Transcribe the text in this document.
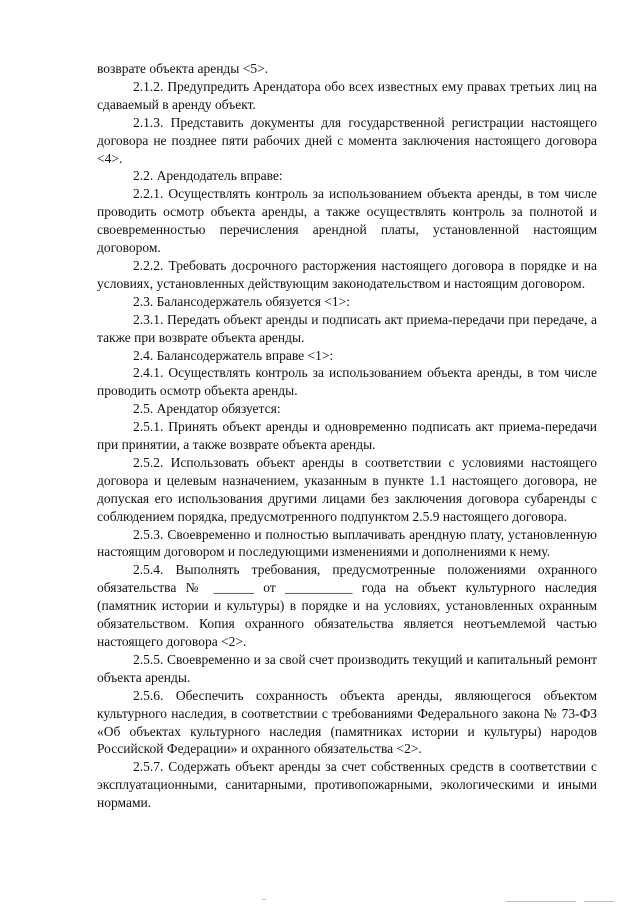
возврате объекта аренды <5>.

2.1.2. Предупредить Арендатора обо всех известных ему правах третьих лиц на сдаваемый в аренду объект.

2.1.3. Представить документы для государственной регистрации настоящего договора не позднее пяти рабочих дней с момента заключения настоящего договора <4>.

2.2. Арендодатель вправе:

2.2.1. Осуществлять контроль за использованием объекта аренды, в том числе проводить осмотр объекта аренды, а также осуществлять контроль за полнотой и своевременностью перечисления арендной платы, установленной настоящим договором.

2.2.2. Требовать досрочного расторжения настоящего договора в порядке и на условиях, установленных действующим законодательством и настоящим договором.

2.3. Балансодержатель обязуется <1>:

2.3.1. Передать объект аренды и подписать акт приема-передачи при передаче, а также при возврате объекта аренды.

2.4. Балансодержатель вправе <1>:

2.4.1. Осуществлять контроль за использованием объекта аренды, в том числе проводить осмотр объекта аренды.

2.5. Арендатор обязуется:

2.5.1. Принять объект аренды и одновременно подписать акт приема-передачи при принятии, а также возврате объекта аренды.

2.5.2. Использовать объект аренды в соответствии с условиями настоящего договора и целевым назначением, указанным в пункте 1.1 настоящего договора, не допуская его использования другими лицами без заключения договора субаренды с соблюдением порядка, предусмотренного подпунктом 2.5.9 настоящего договора.

2.5.3. Своевременно и полностью выплачивать арендную плату, установленную настоящим договором и последующими изменениями и дополнениями к нему.

2.5.4. Выполнять требования, предусмотренные положениями охранного обязательства № ______ от __________ года на объект культурного наследия (памятник истории и культуры) в порядке и на условиях, установленных охранным обязательством. Копия охранного обязательства является неотъемлемой частью настоящего договора <2>.

2.5.5. Своевременно и за свой счет производить текущий и капитальный ремонт объекта аренды.

2.5.6. Обеспечить сохранность объекта аренды, являющегося объектом культурного наследия, в соответствии с требованиями Федерального закона № 73-ФЗ «Об объектах культурного наследия (памятниках истории и культуры) народов Российской Федерации» и охранного обязательства <2>.

2.5.7. Содержать объект аренды за счет собственных средств в соответствии с эксплуатационными, санитарными, противопожарными, экологическими и иными нормами.
